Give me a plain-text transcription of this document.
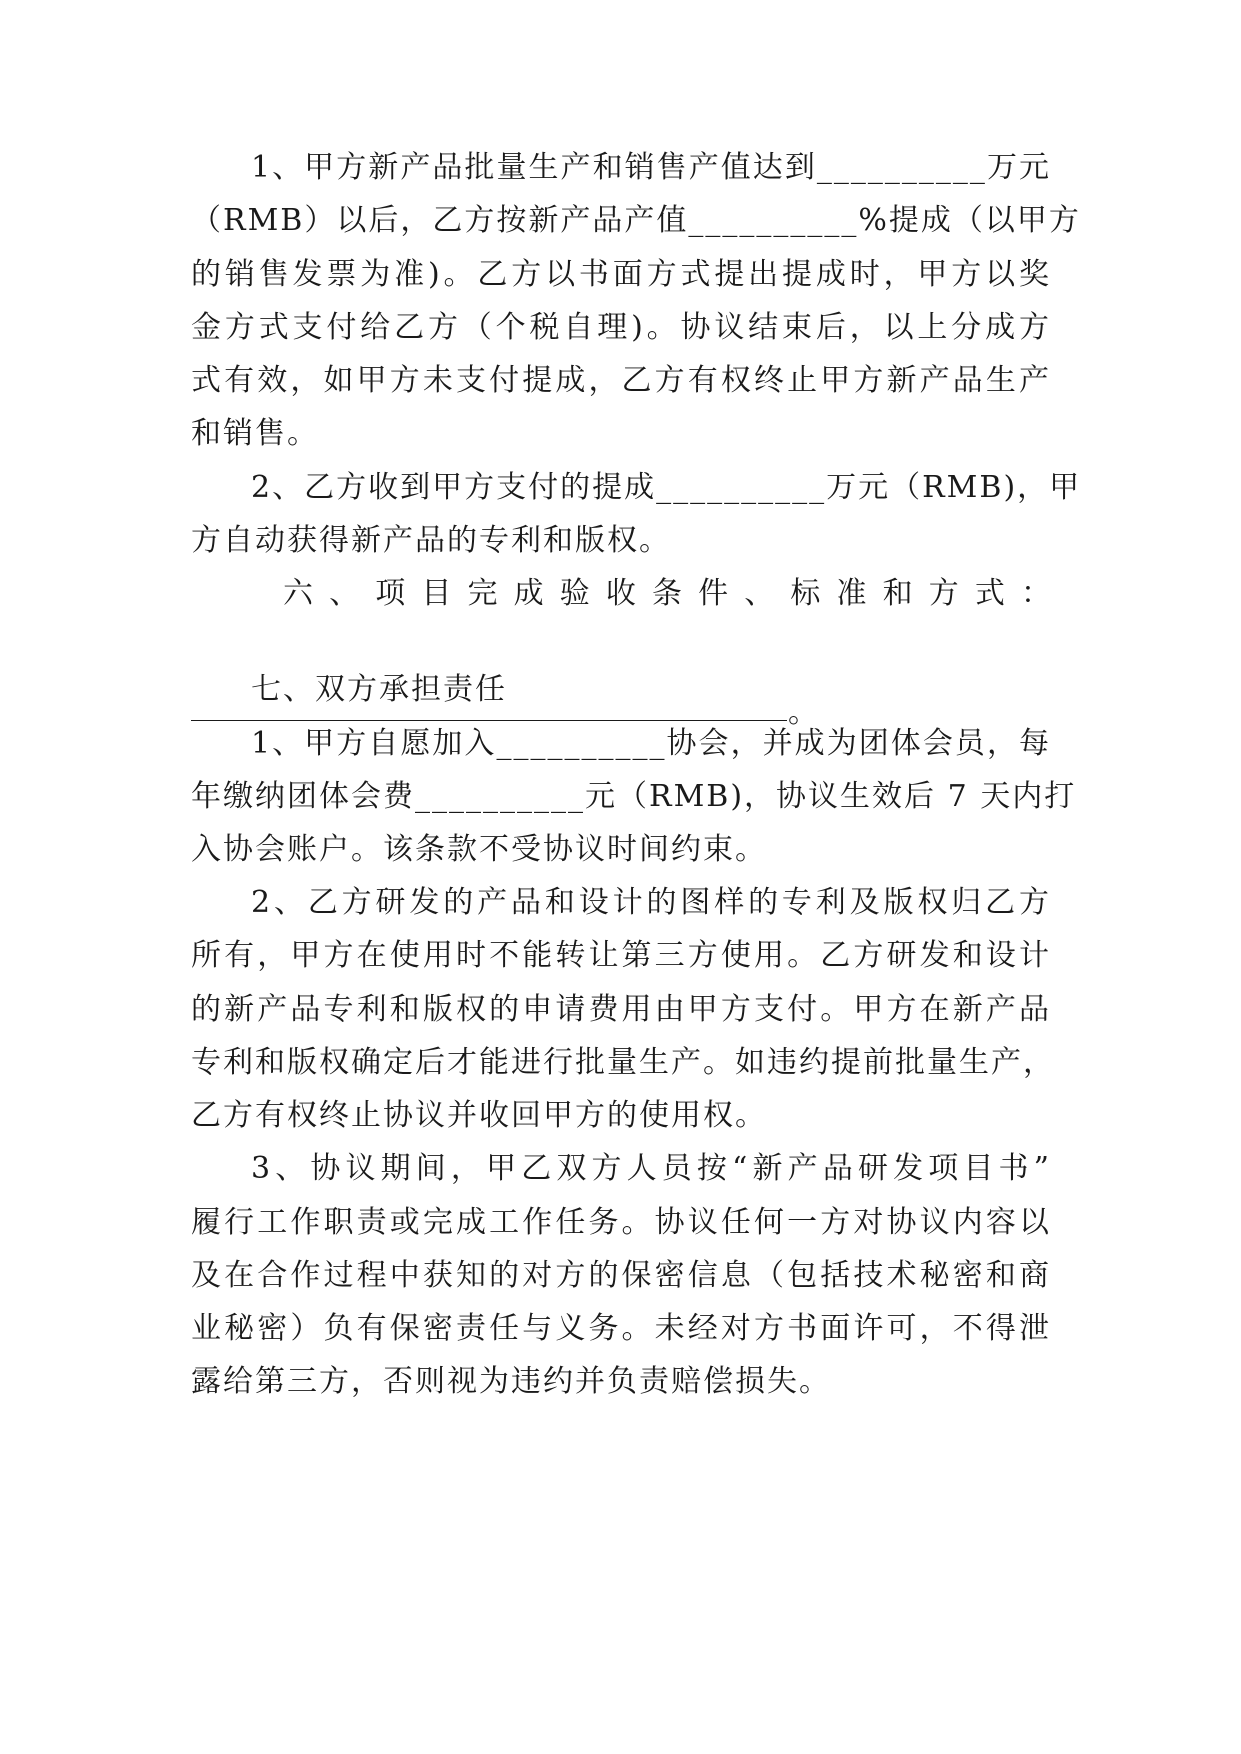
1、甲方新产品批量生产和销售产值达到__________万元
（RMB）以后，乙方按新产品产值__________%提成（以甲方
的销售发票为准)。乙方以书面方式提出提成时，甲方以奖
金方式支付给乙方（个税自理)。协议结束后，以上分成方
式有效，如甲方未支付提成，乙方有权终止甲方新产品生产
和销售。
2、乙方收到甲方支付的提成__________万元（RMB)，甲
方自动获得新产品的专利和版权。
六、项目完成验收条件、标准和方式：
。
七、双方承担责任
1、甲方自愿加入__________协会，并成为团体会员，每
年缴纳团体会费__________元（RMB)，协议生效后 7 天内打
入协会账户。该条款不受协议时间约束。
2、乙方研发的产品和设计的图样的专利及版权归乙方
所有，甲方在使用时不能转让第三方使用。乙方研发和设计
的新产品专利和版权的申请费用由甲方支付。甲方在新产品
专利和版权确定后才能进行批量生产。如违约提前批量生产，
乙方有权终止协议并收回甲方的使用权。
3、协议期间，甲乙双方人员按“新产品研发项目书”
履行工作职责或完成工作任务。协议任何一方对协议内容以
及在合作过程中获知的对方的保密信息（包括技术秘密和商
业秘密）负有保密责任与义务。未经对方书面许可，不得泄
露给第三方，否则视为违约并负责赔偿损失。
